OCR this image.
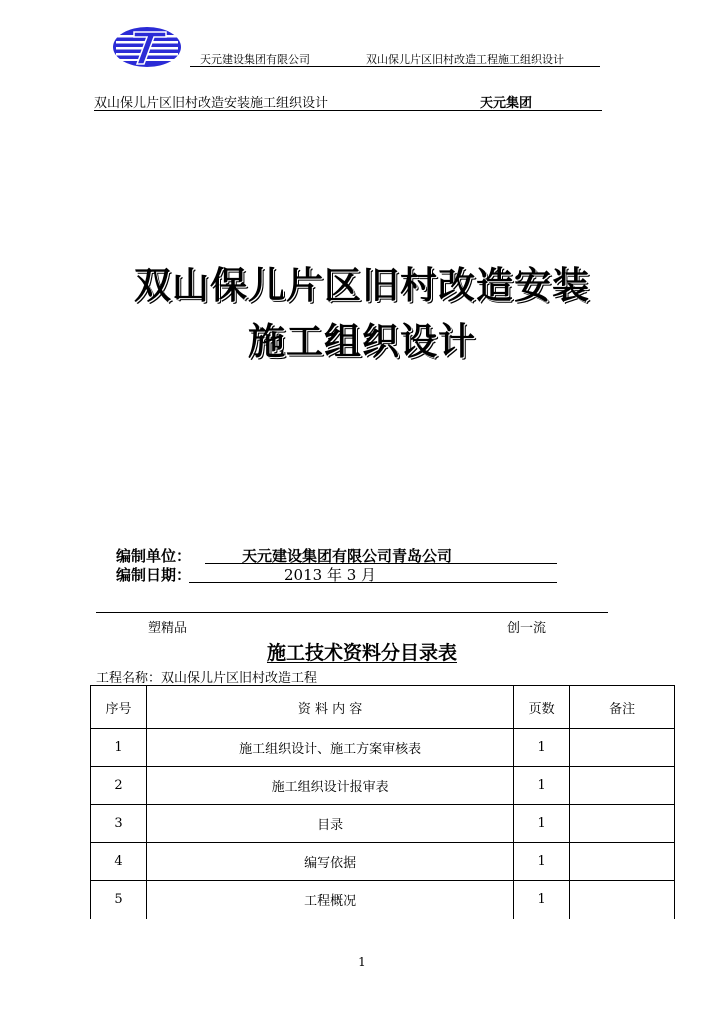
天元建设集团有限公司	双山保儿片区旧村改造工程施工组织设计
双山保儿片区旧村改造安装施工组织设计	天元集团
双山保儿片区旧村改造安装
施工组织设计
编制单位：	天元建设集团有限公司青岛公司
编制日期：	2013 年 3 月
塑精品	创一流
施工技术资料分目录表
工程名称：双山保儿片区旧村改造工程
序号	资 料 内 容	页数	备注
1	施工组织设计、施工方案审核表	1	
2	施工组织设计报审表	1	
3	目录	1	
4	编写依据	1	
5	工程概况	1	
1
